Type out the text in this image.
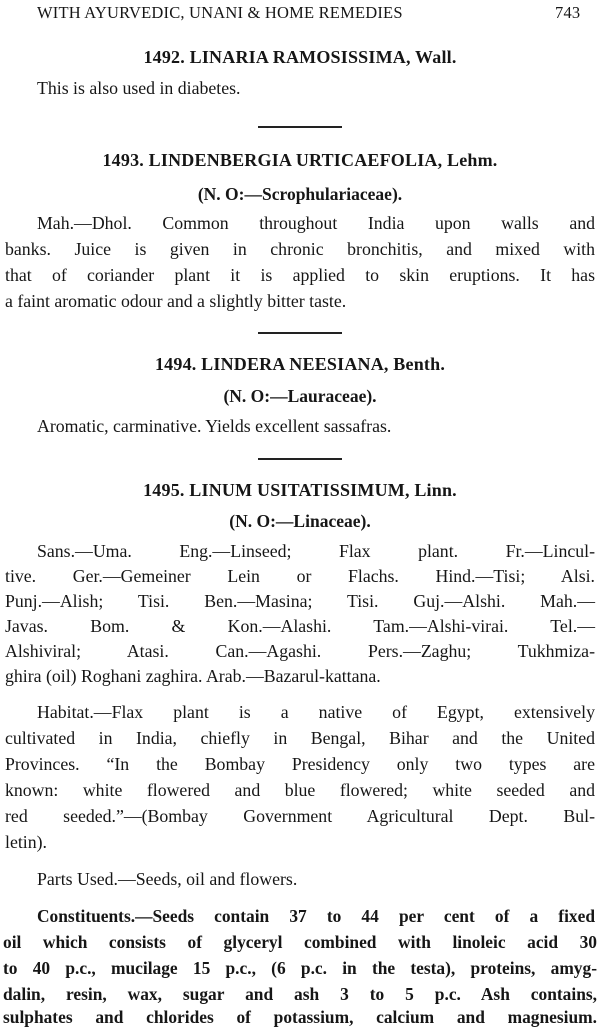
WITH AYURVEDIC, UNANI & HOME REMEDIES	743
1492. LINARIA RAMOSISSIMA, Wall.
This is also used in diabetes.
1493. LINDENBERGIA URTICAEFOLIA, Lehm.
(N. O:—Scrophulariaceae).
Mah.—Dhol. Common throughout India upon walls and
banks. Juice is given in chronic bronchitis, and mixed with
that of coriander plant it is applied to skin eruptions. It has
a faint aromatic odour and a slightly bitter taste.
1494. LINDERA NEESIANA, Benth.
(N. O:—Lauraceae).
Aromatic, carminative. Yields excellent sassafras.
1495. LINUM USITATISSIMUM, Linn.
(N. O:—Linaceae).
Sans.—Uma. Eng.—Linseed; Flax plant. Fr.—Lincul-
tive. Ger.—Gemeiner Lein or Flachs. Hind.—Tisi; Alsi.
Punj.—Alish; Tisi. Ben.—Masina; Tisi. Guj.—Alshi. Mah.—
Javas. Bom. & Kon.—Alashi. Tam.—Alshi-virai. Tel.—
Alshiviral; Atasi. Can.—Agashi. Pers.—Zaghu; Tukhmiza-
ghira (oil) Roghani zaghira. Arab.—Bazarul-kattana.
Habitat.—Flax plant is a native of Egypt, extensively
cultivated in India, chiefly in Bengal, Bihar and the United
Provinces. “In the Bombay Presidency only two types are
known: white flowered and blue flowered; white seeded and
red seeded.”—(Bombay Government Agricultural Dept. Bul-
letin).
Parts Used.—Seeds, oil and flowers.
Constituents.—Seeds contain 37 to 44 per cent of a fixed
oil which consists of glyceryl combined with linoleic acid 30
to 40 p.c., mucilage 15 p.c., (6 p.c. in the testa), proteins, amyg-
dalin, resin, wax, sugar and ash 3 to 5 p.c. Ash contains,
sulphates and chlorides of potassium, calcium and magnesium.
